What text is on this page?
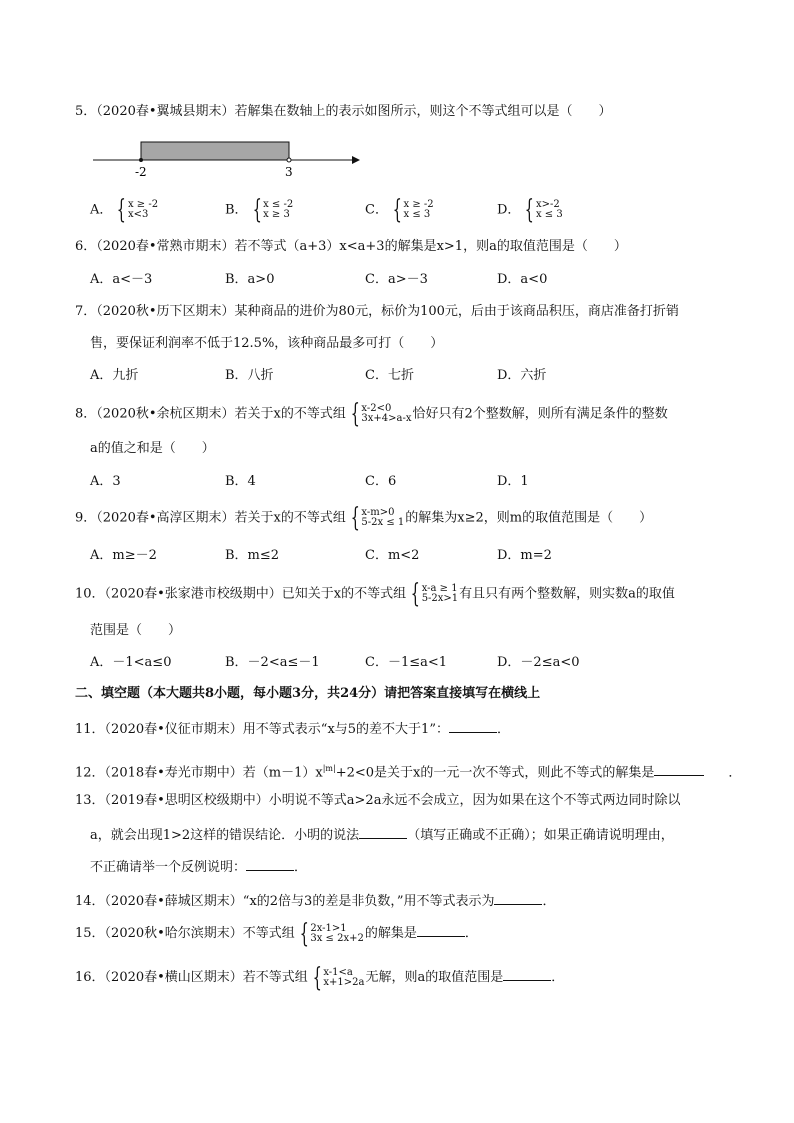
5．（2020春•翼城县期末）若解集在数轴上的表示如图所示，则这个不等式组可以是（　　）
-2	3
A． { x ≥ -2
x<3	B． { x ≤ -2
x ≥ 3	C． { x ≥ -2
x ≤ 3	D． { x>-2
x ≤ 3
6．（2020春•常熟市期末）若不等式（a+3）x<a+3的解集是x>1，则a的取值范围是（　　）
A．a<－3	B．a>0	C．a>－3	D．a<0
7．（2020秋•历下区期末）某种商品的进价为80元，标价为100元，后由于该商品积压，商店准备打折销
售，要保证利润率不低于12.5%，该种商品最多可打（　　）
A．九折	B．八折	C．七折	D．六折
8．（2020秋•余杭区期末）若关于x的不等式组 { x-2<0
3x+4>a-x 恰好只有2个整数解，则所有满足条件的整数
a的值之和是（　　）
A．3	B．4	C．6	D．1
9．（2020春•高淳区期末）若关于x的不等式组 { x-m>0
5-2x ≤ 1 的解集为x≥2，则m的取值范围是（　　）
A．m≥－2	B．m≤2	C．m<2	D．m=2
10．（2020春•张家港市校级期中）已知关于x的不等式组 { x-a ≥ 1
5-2x>1 有且只有两个整数解，则实数a的取值
范围是（　　）
A．－1<a≤0	B．－2<a≤－1	C．－1≤a<1	D．－2≤a<0
二、填空题（本大题共8小题，每小题3分，共24分）请把答案直接填写在横线上
11．（2020春•仪征市期末）用不等式表示“x与5的差不大于1”：	．
12．（2018春•寿光市期中）若$(m-1)x^{|m|}+2<0$是关于x的一元一次不等式，则此不等式的解集是	．
13．（2019春•思明区校级期中）小明说不等式a>2a永远不会成立，因为如果在这个不等式两边同时除以
a，就会出现1>2这样的错误结论．小明的说法	（填写正确或不正确）；如果正确请说明理由，
不正确请举一个反例说明：	．
14．（2020春•薛城区期末）“x的2倍与3的差是非负数，”用不等式表示为	．
15．（2020秋•哈尔滨期末）不等式组 { 2x-1>1
3x ≤ 2x+2 的解集是	．
16．（2020春•横山区期末）若不等式组 { x-1<a
x+1>2a 无解，则a的取值范围是	．
